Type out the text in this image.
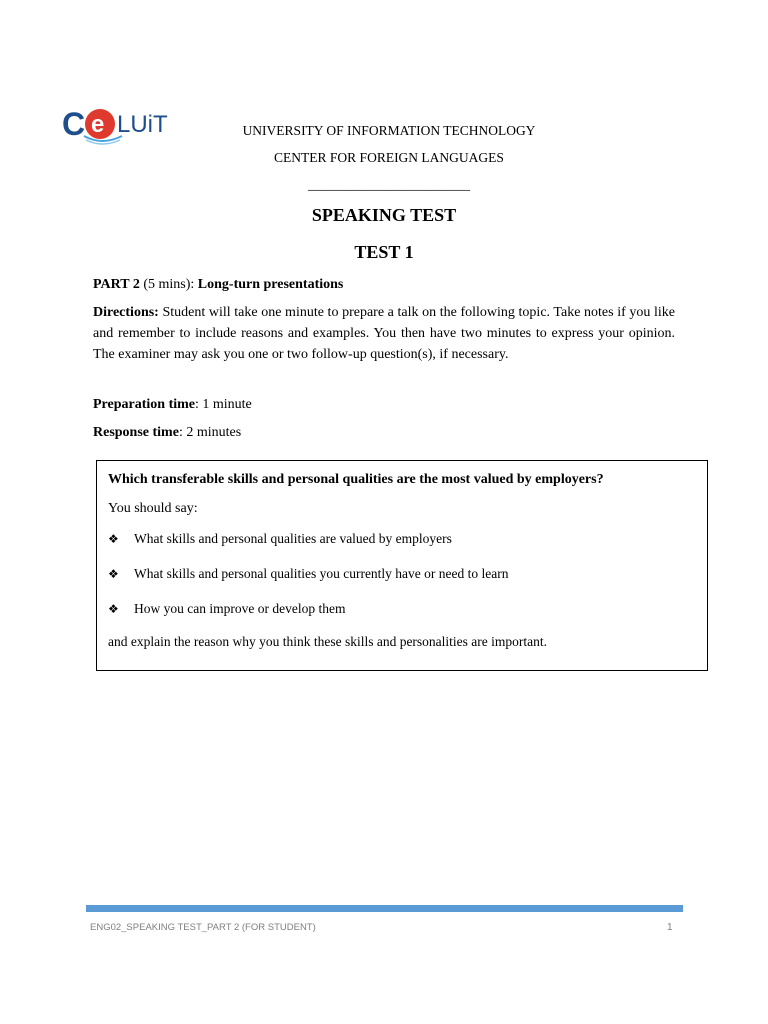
C e LUiT	UNIVERSITY OF INFORMATION TECHNOLOGY
CENTER FOR FOREIGN LANGUAGES
________________________
SPEAKING TEST
TEST 1
PART 2 (5 mins): Long-turn presentations
Directions: Student will take one minute to prepare a talk on the following topic. Take notes if you like and remember to include reasons and examples. You then have two minutes to express your opinion. The examiner may ask you one or two follow-up question(s), if necessary.
Preparation time: 1 minute
Response time: 2 minutes
Which transferable skills and personal qualities are the most valued by employers?
You should say:
❖ What skills and personal qualities are valued by employers
❖ What skills and personal qualities you currently have or need to learn
❖ How you can improve or develop them
and explain the reason why you think these skills and personalities are important.
ENG02_SPEAKING TEST_PART 2 (FOR STUDENT)	1
